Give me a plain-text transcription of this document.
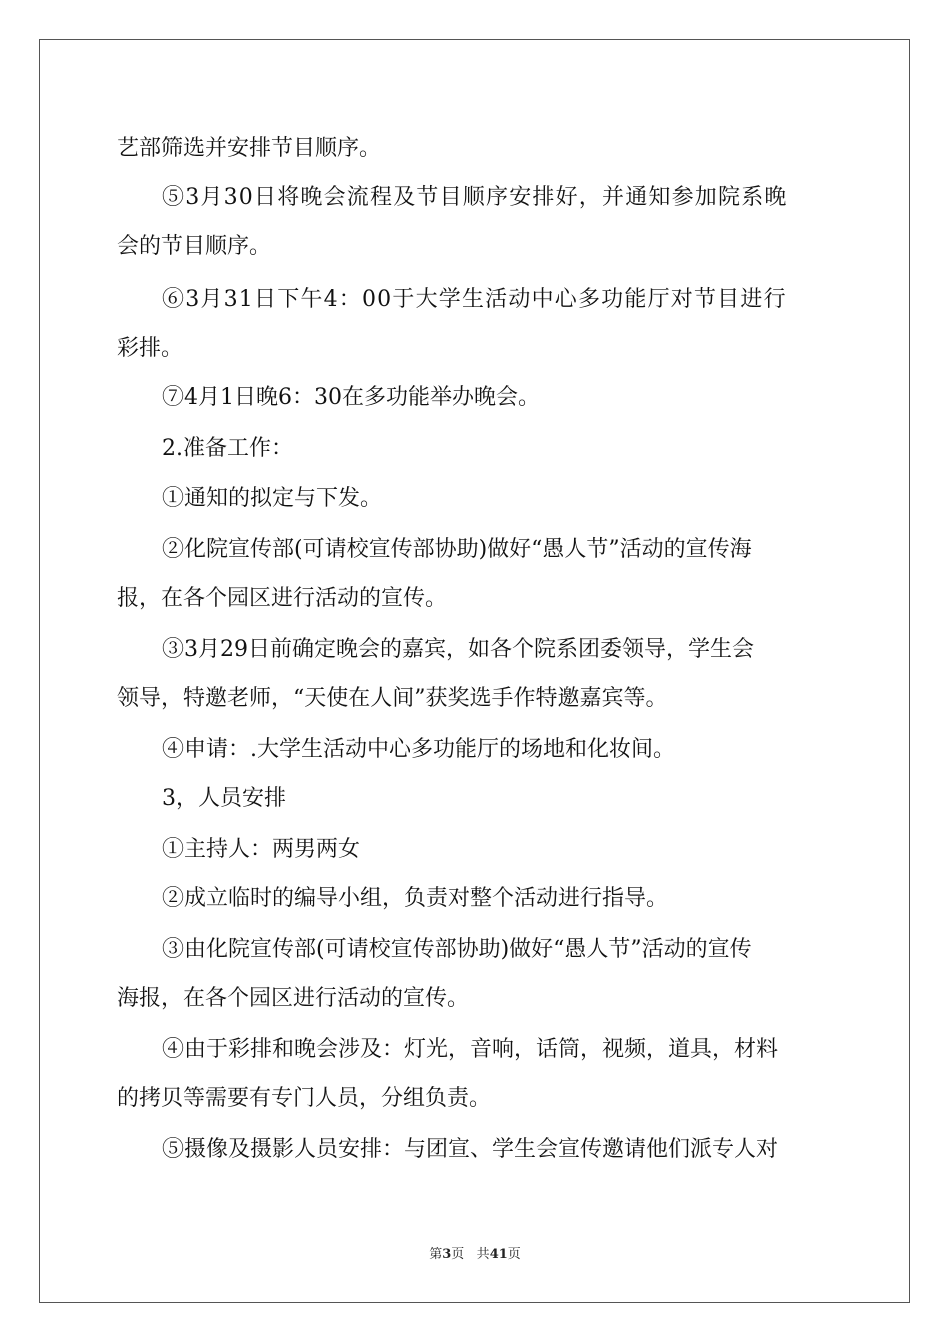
艺部筛选并安排节目顺序。
⑤3月30日将晚会流程及节目顺序安排好，并通知参加院系晚
会的节目顺序。
⑥3月31日下午4：00于大学生活动中心多功能厅对节目进行
彩排。
⑦4月1日晚6：30在多功能举办晚会。
2.准备工作：
①通知的拟定与下发。
②化院宣传部(可请校宣传部协助)做好“愚人节”活动的宣传海
报，在各个园区进行活动的宣传。
③3月29日前确定晚会的嘉宾，如各个院系团委领导，学生会
领导，特邀老师，“天使在人间”获奖选手作特邀嘉宾等。
④申请：.大学生活动中心多功能厅的场地和化妆间。
3，人员安排
①主持人：两男两女
②成立临时的编导小组，负责对整个活动进行指导。
③由化院宣传部(可请校宣传部协助)做好“愚人节”活动的宣传
海报，在各个园区进行活动的宣传。
④由于彩排和晚会涉及：灯光，音响，话筒，视频，道具，材料
的拷贝等需要有专门人员，分组负责。
⑤摄像及摄影人员安排：与团宣、学生会宣传邀请他们派专人对
第3页 共41页
